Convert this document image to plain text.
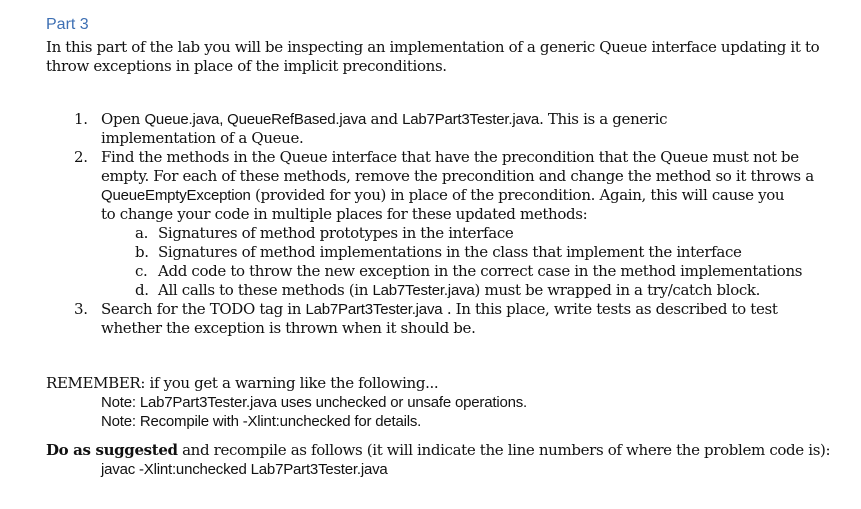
Part 3
In this part of the lab you will be inspecting an implementation of a generic Queue interface updating it to
throw exceptions in place of the implicit preconditions.
1. Open Queue.java, QueueRefBased.java and Lab7Part3Tester.java. This is a generic
implementation of a Queue.
2. Find the methods in the Queue interface that have the precondition that the Queue must not be
empty. For each of these methods, remove the precondition and change the method so it throws a
QueueEmptyException (provided for you) in place of the precondition. Again, this will cause you
to change your code in multiple places for these updated methods:
a. Signatures of method prototypes in the interface
b. Signatures of method implementations in the class that implement the interface
c. Add code to throw the new exception in the correct case in the method implementations
d. All calls to these methods (in Lab7Tester.java) must be wrapped in a try/catch block.
3. Search for the TODO tag in Lab7Part3Tester.java . In this place, write tests as described to test
whether the exception is thrown when it should be.
REMEMBER: if you get a warning like the following...
Note: Lab7Part3Tester.java uses unchecked or unsafe operations.
Note: Recompile with -Xlint:unchecked for details.
Do as suggested and recompile as follows (it will indicate the line numbers of where the problem code is):
javac -Xlint:unchecked Lab7Part3Tester.java
